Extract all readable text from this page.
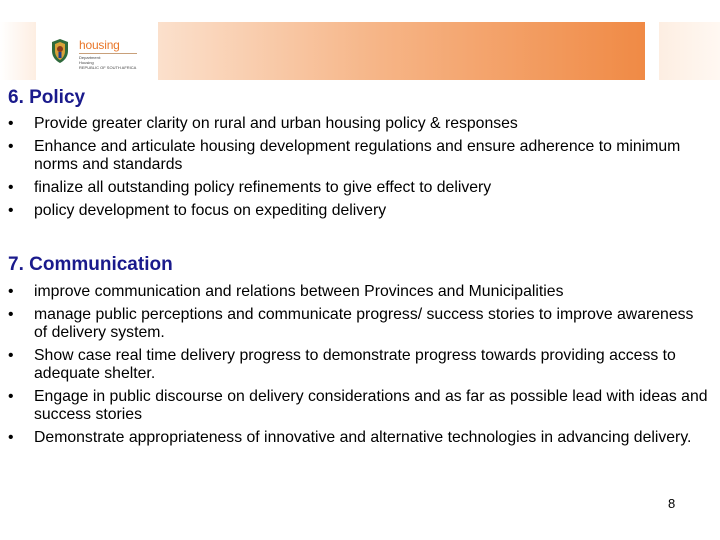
housing
Department:
Housing
REPUBLIC OF SOUTH AFRICA
6. Policy
• Provide greater clarity on rural and urban housing policy & responses
• Enhance and articulate housing development regulations and ensure adherence to minimum norms and standards
• finalize all outstanding policy refinements to give effect to delivery
• policy development to focus on expediting delivery
7. Communication
• improve communication and relations between Provinces and Municipalities
• manage public perceptions and communicate progress/ success stories to improve awareness of delivery system.
• Show case real time delivery progress to demonstrate progress towards providing access to adequate shelter.
• Engage in public discourse on delivery considerations and as far as possible lead with ideas and success stories
• Demonstrate appropriateness of innovative and alternative technologies in advancing delivery.
8
